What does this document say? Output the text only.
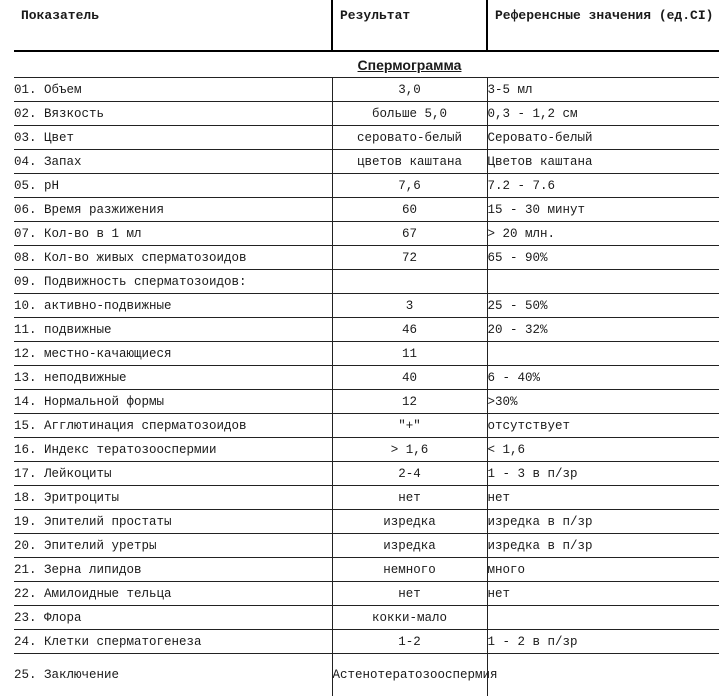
Показатель	Результат	Референсные значения (ед.CI)
	Спермограмма	
01. Объем	3,0	3-5 мл
02. Вязкость	больше 5,0	0,3 - 1,2 см
03. Цвет	серовато-белый	Серовато-белый
04. Запах	цветов каштана	Цветов каштана
05. pH	7,6	7.2 - 7.6
06. Время разжижения	60	15 - 30 минут
07. Кол-во в 1 мл	67	> 20 млн.
08. Кол-во живых сперматозоидов	72	65 - 90%
09. Подвижность сперматозоидов:		
10. активно-подвижные	3	25 - 50%
11. подвижные	46	20 - 32%
12. местно-качающиеся	11	
13. неподвижные	40	6 - 40%
14. Нормальной формы	12	>30%
15. Агглютинация сперматозоидов	"+"	отсутствует
16. Индекс тератозооспермии	> 1,6	< 1,6
17. Лейкоциты	2-4	1 - 3 в п/зр
18. Эритроциты	нет	нет
19. Эпителий простаты	изредка	изредка в п/зр
20. Эпителий уретры	изредка	изредка в п/зр
21. Зерна липидов	немного	много
22. Амилоидные тельца	нет	нет
23. Флора	кокки-мало	
24. Клетки сперматогенеза	1-2	1 - 2 в п/зр
25. Заключение	Астенотератозооспермия	
